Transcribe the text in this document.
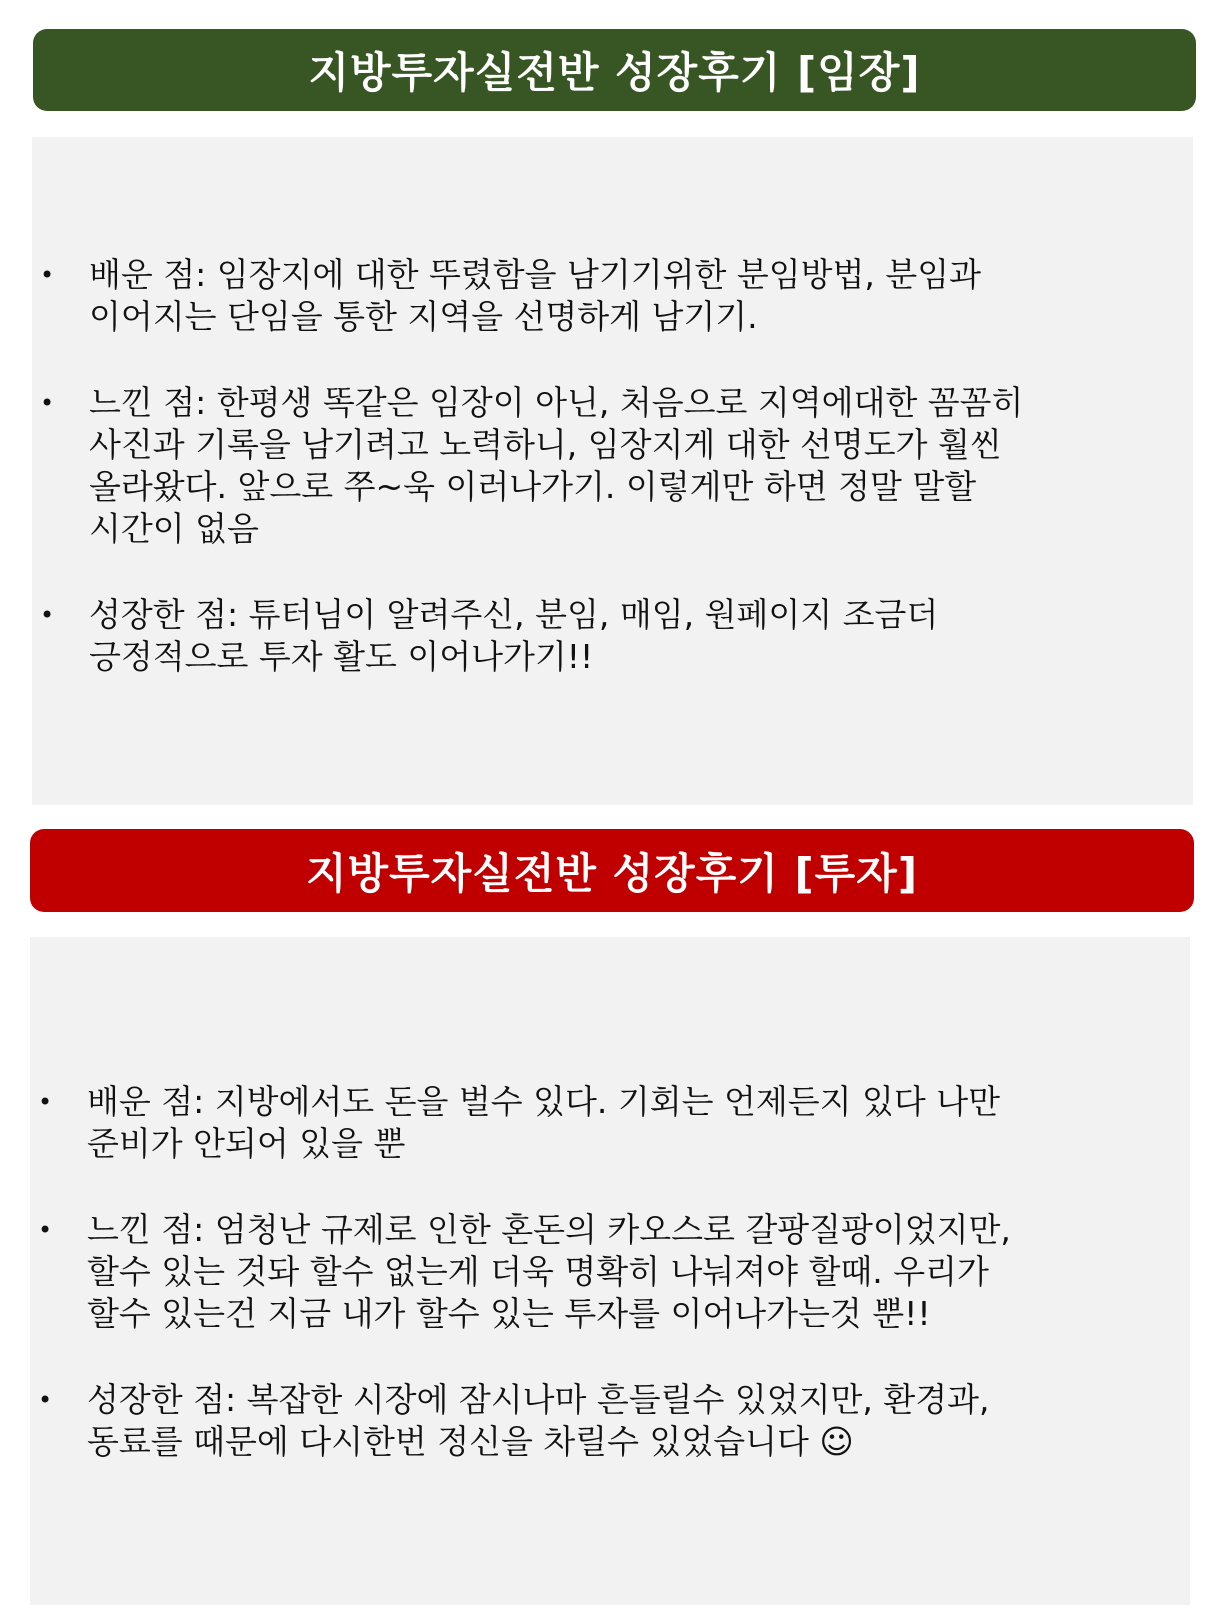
지방투자실전반 성장후기 [임장]
• 배운 점: 임장지에 대한 뚜렸함을 남기기위한 분임방법, 분임과
이어지는 단임을 통한 지역을 선명하게 남기기.
• 느낀 점: 한평생 똑같은 임장이 아닌, 처음으로 지역에대한 꼼꼼히
사진과 기록을 남기려고 노력하니, 임장지게 대한 선명도가 훨씬
올라왔다. 앞으로 쭈~욱 이러나가기. 이렇게만 하면 정말 말할
시간이 없음
• 성장한 점: 튜터님이 알려주신, 분임, 매임, 원페이지 조금더
긍정적으로 투자 활도 이어나가기!!
지방투자실전반 성장후기 [투자]
• 배운 점: 지방에서도 돈을 벌수 있다. 기회는 언제든지 있다 나만
준비가 안되어 있을 뿐
• 느낀 점: 엄청난 규제로 인한 혼돈의 카오스로 갈팡질팡이었지만,
할수 있는 것돠 할수 없는게 더욱 명확히 나눠져야 할때. 우리가
할수 있는건 지금 내가 할수 있는 투자를 이어나가는것 뿐!!
• 성장한 점: 복잡한 시장에 잠시나마 흔들릴수 있었지만, 환경과,
동료를 때문에 다시한번 정신을 차릴수 있었습니다 ☺
